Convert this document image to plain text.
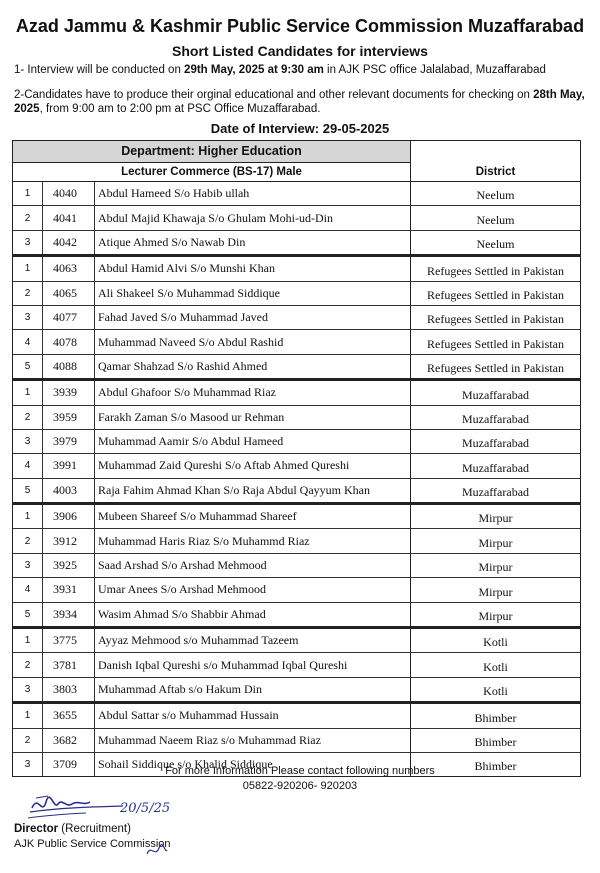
Azad Jammu & Kashmir Public Service Commission Muzaffarabad
Short Listed Candidates for interviews
1- Interview will be conducted on 29th May, 2025 at 9:30 am in AJK PSC office Jalalabad, Muzaffarabad
2-Candidates have to produce their orginal educational and other relevant documents for checking on 28th May, 2025, from 9:00 am to 2:00 pm at PSC Office Muzaffarabad.
Date of Interview: 29-05-2025
Department: Higher Education
Lecturer Commerce (BS-17) Male	District
1	4040	Abdul Hameed S/o Habib ullah	Neelum
2	4041	Abdul Majid Khawaja S/o Ghulam Mohi-ud-Din	Neelum
3	4042	Atique Ahmed S/o Nawab Din	Neelum
1	4063	Abdul Hamid Alvi S/o Munshi Khan	Refugees Settled in Pakistan
2	4065	Ali Shakeel S/o Muhammad Siddique	Refugees Settled in Pakistan
3	4077	Fahad Javed S/o Muhammad Javed	Refugees Settled in Pakistan
4	4078	Muhammad Naveed S/o Abdul Rashid	Refugees Settled in Pakistan
5	4088	Qamar Shahzad S/o Rashid Ahmed	Refugees Settled in Pakistan
1	3939	Abdul Ghafoor S/o Muhammad Riaz	Muzaffarabad
2	3959	Farakh Zaman S/o Masood ur Rehman	Muzaffarabad
3	3979	Muhammad Aamir S/o Abdul Hameed	Muzaffarabad
4	3991	Muhammad Zaid Qureshi S/o Aftab Ahmed Qureshi	Muzaffarabad
5	4003	Raja Fahim Ahmad Khan S/o Raja Abdul Qayyum Khan	Muzaffarabad
1	3906	Mubeen Shareef S/o Muhammad Shareef	Mirpur
2	3912	Muhammad Haris Riaz S/o Muhammd Riaz	Mirpur
3	3925	Saad Arshad S/o Arshad Mehmood	Mirpur
4	3931	Umar Anees S/o Arshad Mehmood	Mirpur
5	3934	Wasim Ahmad S/o Shabbir Ahmad	Mirpur
1	3775	Ayyaz Mehmood s/o Muhammad Tazeem	Kotli
2	3781	Danish Iqbal Qureshi s/o Muhammad Iqbal Qureshi	Kotli
3	3803	Muhammad Aftab s/o Hakum Din	Kotli
1	3655	Abdul Sattar s/o Muhammad Hussain	Bhimber
2	3682	Muhammad Naeem Riaz s/o Muhammad Riaz	Bhimber
3	3709	Sohail Siddique s/o Khalid Siddique	Bhimber
For more Information Please contact following numbers
05822-920206- 920203
20/5/25
Director (Recruitment)
AJK Public Service Commission
